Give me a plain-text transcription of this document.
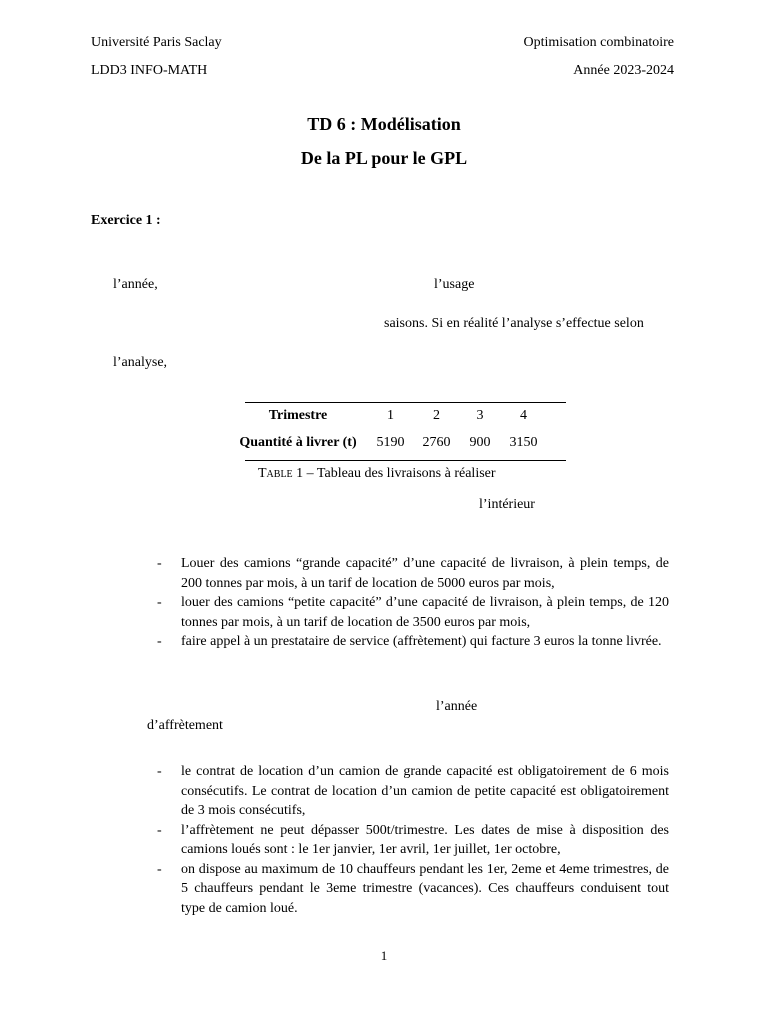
Université Paris Saclay	Optimisation combinatoire
LDD3 INFO-MATH	Année 2023-2024
TD 6 : Modélisation
De la PL pour le GPL
Exercice 1 :
l’année,	l’usage
saisons. Si en réalité l’analyse s’effectue selon
l’analyse,
Trimestre	1	2	3	4
Quantité à livrer (t)	5190	2760	900	3150
Table 1 – Tableau des livraisons à réaliser
l’intérieur
- Louer des camions “grande capacité” d’une capacité de livraison, à plein temps, de 200 tonnes par mois, à un tarif de location de 5000 euros par mois,
- louer des camions “petite capacité” d’une capacité de livraison, à plein temps, de 120 tonnes par mois, à un tarif de location de 3500 euros par mois,
- faire appel à un prestataire de service (affrètement) qui facture 3 euros la tonne livrée.
l’année
d’affrètement
- le contrat de location d’un camion de grande capacité est obligatoirement de 6 mois consécutifs. Le contrat de location d’un camion de petite capacité est obligatoirement de 3 mois consécutifs,
- l’affrètement ne peut dépasser 500t/trimestre. Les dates de mise à disposition des camions loués sont : le 1er janvier, 1er avril, 1er juillet, 1er octobre,
- on dispose au maximum de 10 chauffeurs pendant les 1er, 2eme et 4eme trimestres, de 5 chauffeurs pendant le 3eme trimestre (vacances). Ces chauffeurs conduisent tout type de camion loué.
1
